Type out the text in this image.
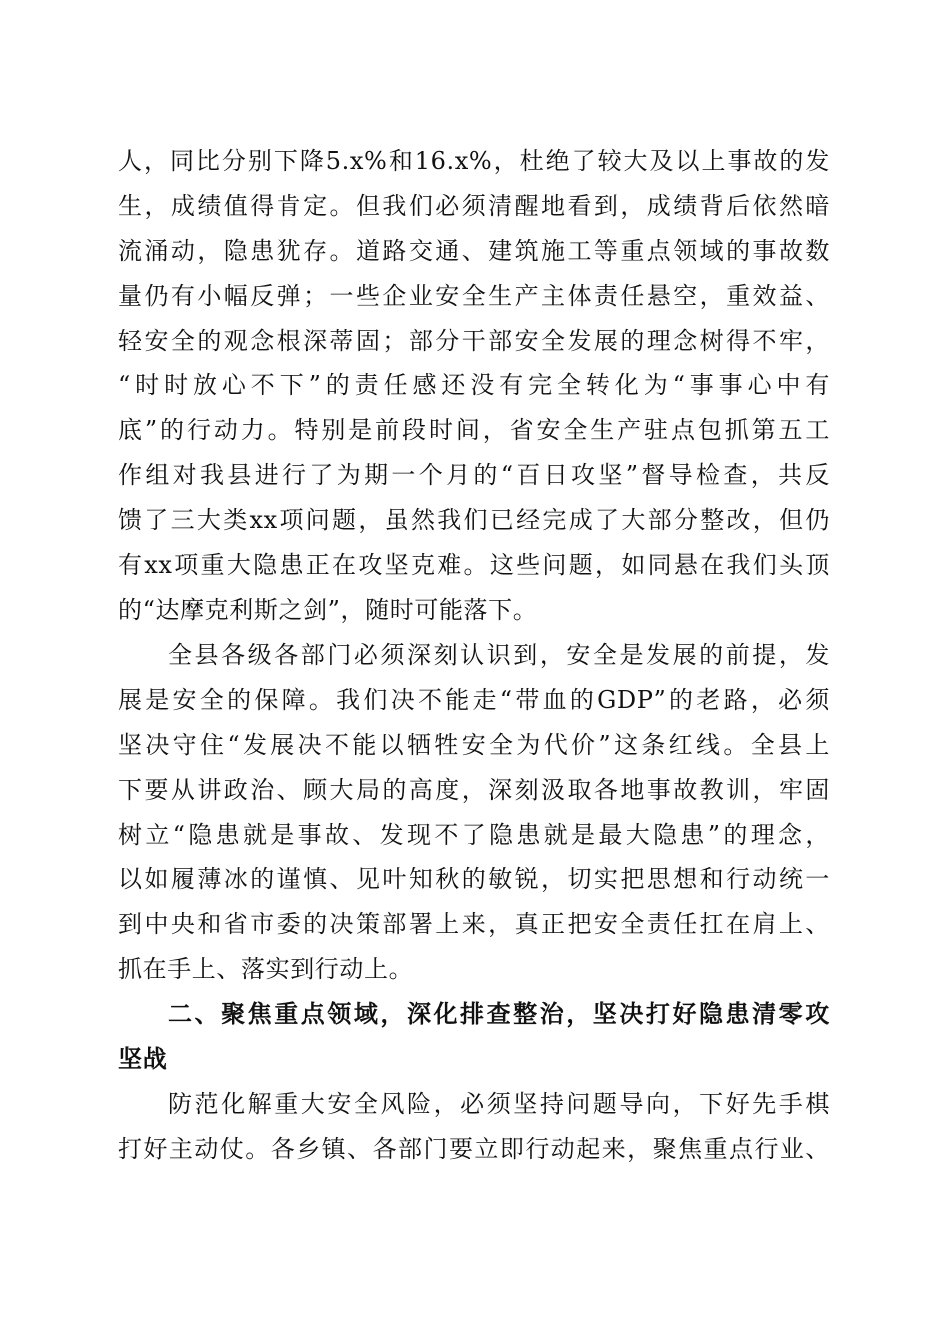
人，同比分别下降5.x%和16.x%，杜绝了较大及以上事故的发
生，成绩值得肯定。但我们必须清醒地看到，成绩背后依然暗
流涌动，隐患犹存。道路交通、建筑施工等重点领域的事故数
量仍有小幅反弹；一些企业安全生产主体责任悬空，重效益、
轻安全的观念根深蒂固；部分干部安全发展的理念树得不牢，
“时时放心不下”的责任感还没有完全转化为“事事心中有
底”的行动力。特别是前段时间，省安全生产驻点包抓第五工
作组对我县进行了为期一个月的“百日攻坚”督导检查，共反
馈了三大类xx项问题，虽然我们已经完成了大部分整改，但仍
有xx项重大隐患正在攻坚克难。这些问题，如同悬在我们头顶
的“达摩克利斯之剑”，随时可能落下。
全县各级各部门必须深刻认识到，安全是发展的前提，发
展是安全的保障。我们决不能走“带血的GDP”的老路，必须
坚决守住“发展决不能以牺牲安全为代价”这条红线。全县上
下要从讲政治、顾大局的高度，深刻汲取各地事故教训，牢固
树立“隐患就是事故、发现不了隐患就是最大隐患”的理念，
以如履薄冰的谨慎、见叶知秋的敏锐，切实把思想和行动统一
到中央和省市委的决策部署上来，真正把安全责任扛在肩上、
抓在手上、落实到行动上。
二、聚焦重点领域，深化排查整治，坚决打好隐患清零攻
坚战
防范化解重大安全风险，必须坚持问题导向，下好先手棋
打好主动仗。各乡镇、各部门要立即行动起来，聚焦重点行业、
